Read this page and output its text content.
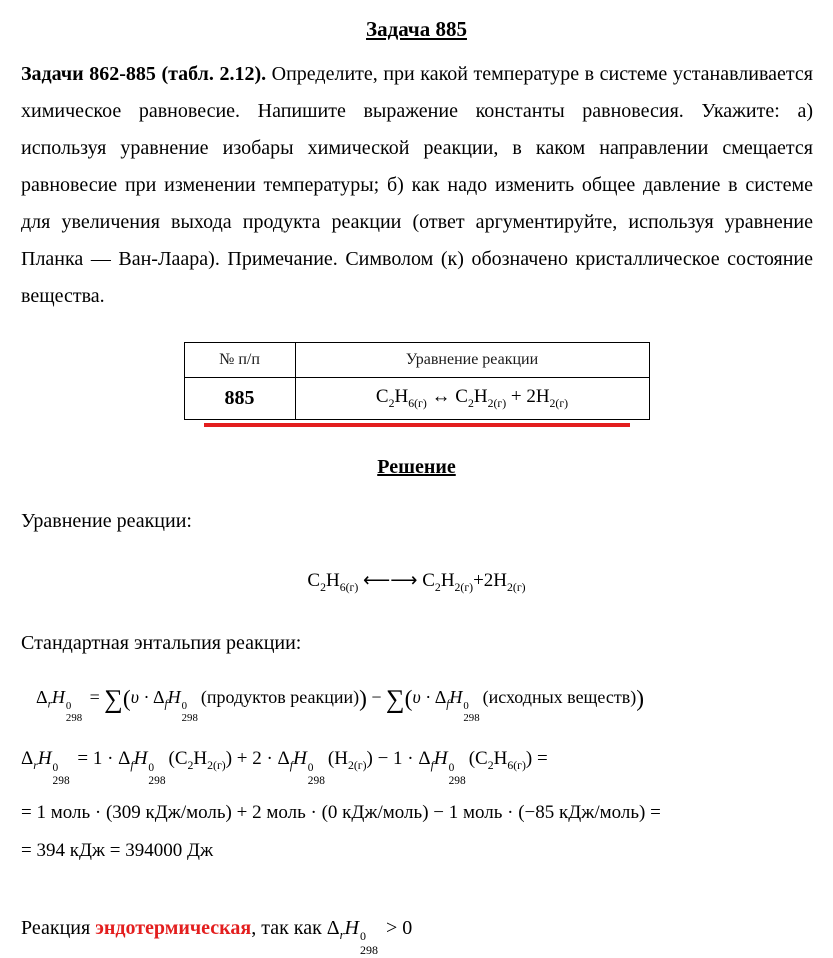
Задача 885

Задачи 862-885 (табл. 2.12). Определите, при какой температуре в системе устанавливается химическое равновесие. Напишите выражение константы равновесия. Укажите: а) используя уравнение изобары химической реакции, в каком направлении смещается равновесие при изменении температуры; б) как надо изменить общее давление в системе для увеличения выхода продукта реакции (ответ аргументируйте, используя уравнение Планка — Ван-Лаара). Примечание. Символом (к) обозначено кристаллическое состояние вещества.

№ п/п	Уравнение реакции
885	$C_2H_{6(г)}$ ↔ $C_2H_{2(г)} + 2H_{2(г)}$
Решение

Уравнение реакции:

$C_2H_{6(г)}$ ⟵⟶ $C_2H_{2(г)}+2H_{2(г)}$

Стандартная энтальпия реакции:

$\Delta_rH$ 0
298
= $\sum(\upsilon \cdot \Delta_fH$ 0
298
(продуктов реакции)) − $\sum(\upsilon \cdot \Delta_fH$ 0
298
(исходных веществ))
$\Delta_rH$ 0
298
= $1 \cdot \Delta_fH$ 0
298
$(C_2H_{2(г)}) + 2 \cdot \Delta_fH$ 0
298
$(H_{2(г)}) - 1 \cdot \Delta_fH$ 0
298
$(C_2H_{6(г)})$ =
= 1 моль · (309 кДж/моль) + 2 моль · (0 кДж/моль) − 1 моль · (−85 кДж/моль) =
= 394 кДж = 394000 Дж

Реакция эндотермическая, так как $\Delta_rH$ 0
298
> 0
